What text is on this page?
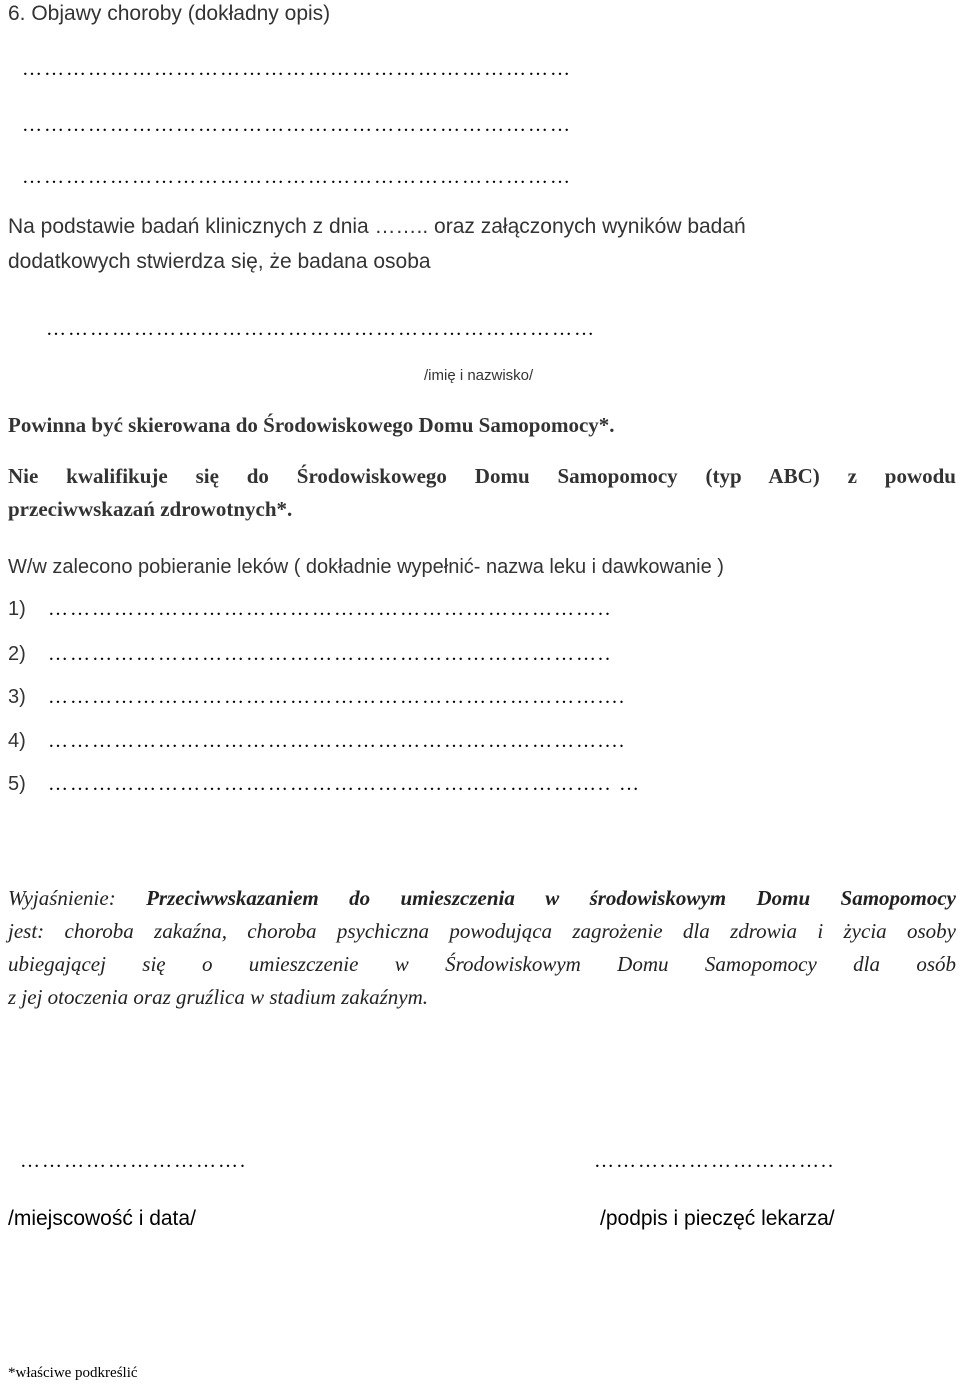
6. Objawy choroby (dokładny opis)

…………………………………………………………………
…………………………………………………………………
…………………………………………………………………

Na podstawie badań klinicznych z dnia …….. oraz załączonych wyników badań

dodatkowych stwierdza się, że badana osoba

…………………………………………………………………

/imię i nazwisko/

Powinna być skierowana do Środowiskowego Domu Samopomocy*.

Nie kwalifikuje się do Środowiskowego Domu Samopomocy (typ ABC) z powodu
przeciwwskazań zdrowotnych*.

W/w zalecono pobieranie leków ( dokładnie wypełnić- nazwa leku i dawkowanie )

1) …………………………………………………………………..
2) …………………………………………………………………..
3) …………………………………………………………………....
4) …………………………………………………………………....
5) ………………………………………………………………….. …
Wyjaśnienie: Przeciwwskazaniem do umieszczenia w środowiskowym Domu Samopomocy
jest: choroba zakaźna, choroba psychiczna powodująca zagrożenie dla zdrowia i życia osoby
ubiegającej się o umieszczenie w Środowiskowym Domu Samopomocy dla osób
z jej otoczenia oraz gruźlica w stadium zakaźnym.
………………………….	……….…………………..

/miejscowość i data/	/podpis i pieczęć lekarza/

*właściwe podkreślić
